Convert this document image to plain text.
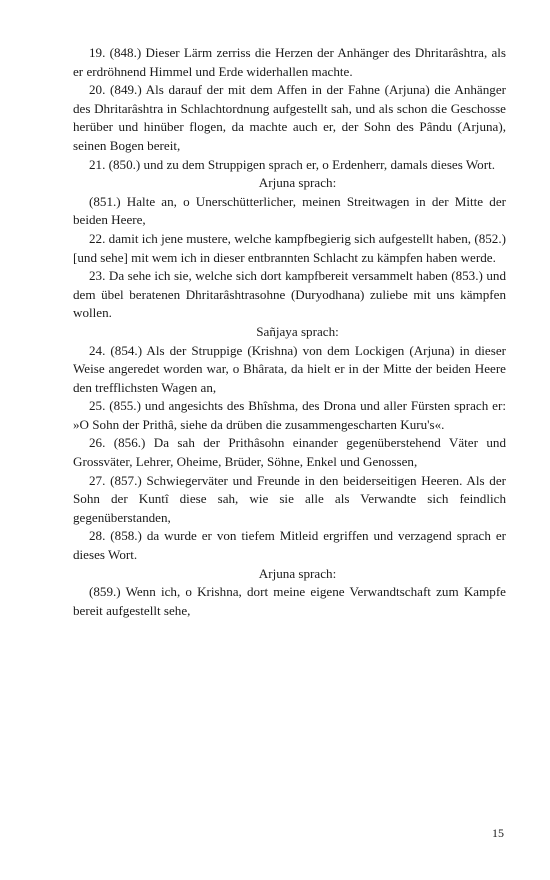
19. (848.) Dieser Lärm zerriss die Herzen der Anhänger des Dhritarâshtra, als er erdröhnend Himmel und Erde widerhallen machte.

20. (849.) Als darauf der mit dem Affen in der Fahne (Arjuna) die Anhänger des Dhritarâshtra in Schlachtordnung aufgestellt sah, und als schon die Geschosse herüber und hinüber flogen, da machte auch er, der Sohn des Pându (Arjuna), seinen Bogen bereit,

21. (850.) und zu dem Struppigen sprach er, o Erdenherr, damals dieses Wort.

Arjuna sprach:

(851.) Halte an, o Unerschütterlicher, meinen Streitwagen in der Mitte der beiden Heere,

22. damit ich jene mustere, welche kampfbegierig sich aufgestellt haben, (852.) [und sehe] mit wem ich in dieser entbrannten Schlacht zu kämpfen haben werde.

23. Da sehe ich sie, welche sich dort kampfbereit versammelt haben (853.) und dem übel beratenen Dhritarâshtrasohne (Duryodhana) zuliebe mit uns kämpfen wollen.

Sañjaya sprach:

24. (854.) Als der Struppige (Krishna) von dem Lockigen (Arjuna) in dieser Weise angeredet worden war, o Bhârata, da hielt er in der Mitte der beiden Heere den trefflichsten Wagen an,

25. (855.) und angesichts des Bhîshma, des Drona und aller Fürsten sprach er: »O Sohn der Prithâ, siehe da drüben die zusammengescharten Kuru's«.

26. (856.) Da sah der Prithâsohn einander gegenüberstehend Väter und Grossväter, Lehrer, Oheime, Brüder, Söhne, Enkel und Genossen,

27. (857.) Schwiegerväter und Freunde in den beiderseitigen Heeren. Als der Sohn der Kuntî diese sah, wie sie alle als Verwandte sich feindlich gegenüberstanden,

28. (858.) da wurde er von tiefem Mitleid ergriffen und verzagend sprach er dieses Wort.

Arjuna sprach:

(859.) Wenn ich, o Krishna, dort meine eigene Verwandtschaft zum Kampfe bereit aufgestellt sehe,

15
